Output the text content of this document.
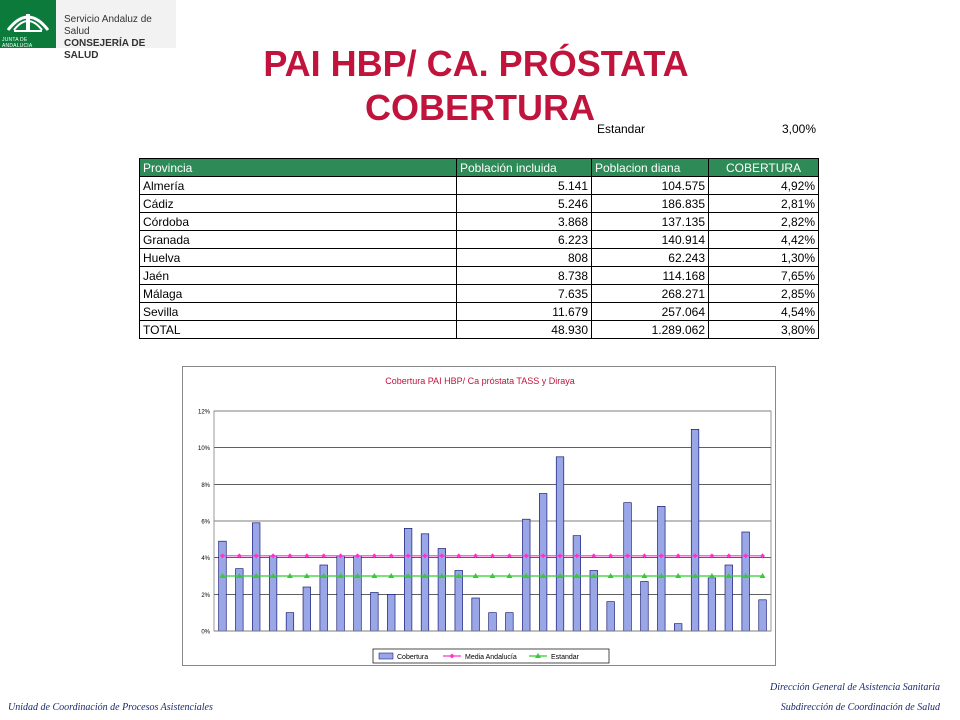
JUNTA DE ANDALUCIA
Servicio Andaluz de Salud
CONSEJERÍA DE SALUD	PAI HBP/ CA. PRÓSTATA
COBERTURA
Estandar	3,00%
Provincia	Población incluida	Poblacion diana	COBERTURA
Almería	5.141	104.575	4,92%
Cádiz	5.246	186.835	2,81%
Córdoba	3.868	137.135	2,82%
Granada	6.223	140.914	4,42%
Huelva	808	62.243	1,30%
Jaén	8.738	114.168	7,65%
Málaga	7.635	268.271	2,85%
Sevilla	11.679	257.064	4,54%
TOTAL	48.930	1.289.062	3,80%
0%
2%
4%
6%
8%
10%
12%
Cobertura PAI HBP/ Ca próstata TASS y Diraya
Cobertura	Media Andalucía	Estandar
Unidad de Coordinación de Procesos Asistenciales
Dirección General de Asistencia Sanitaria
Subdirección de Coordinación de Salud
